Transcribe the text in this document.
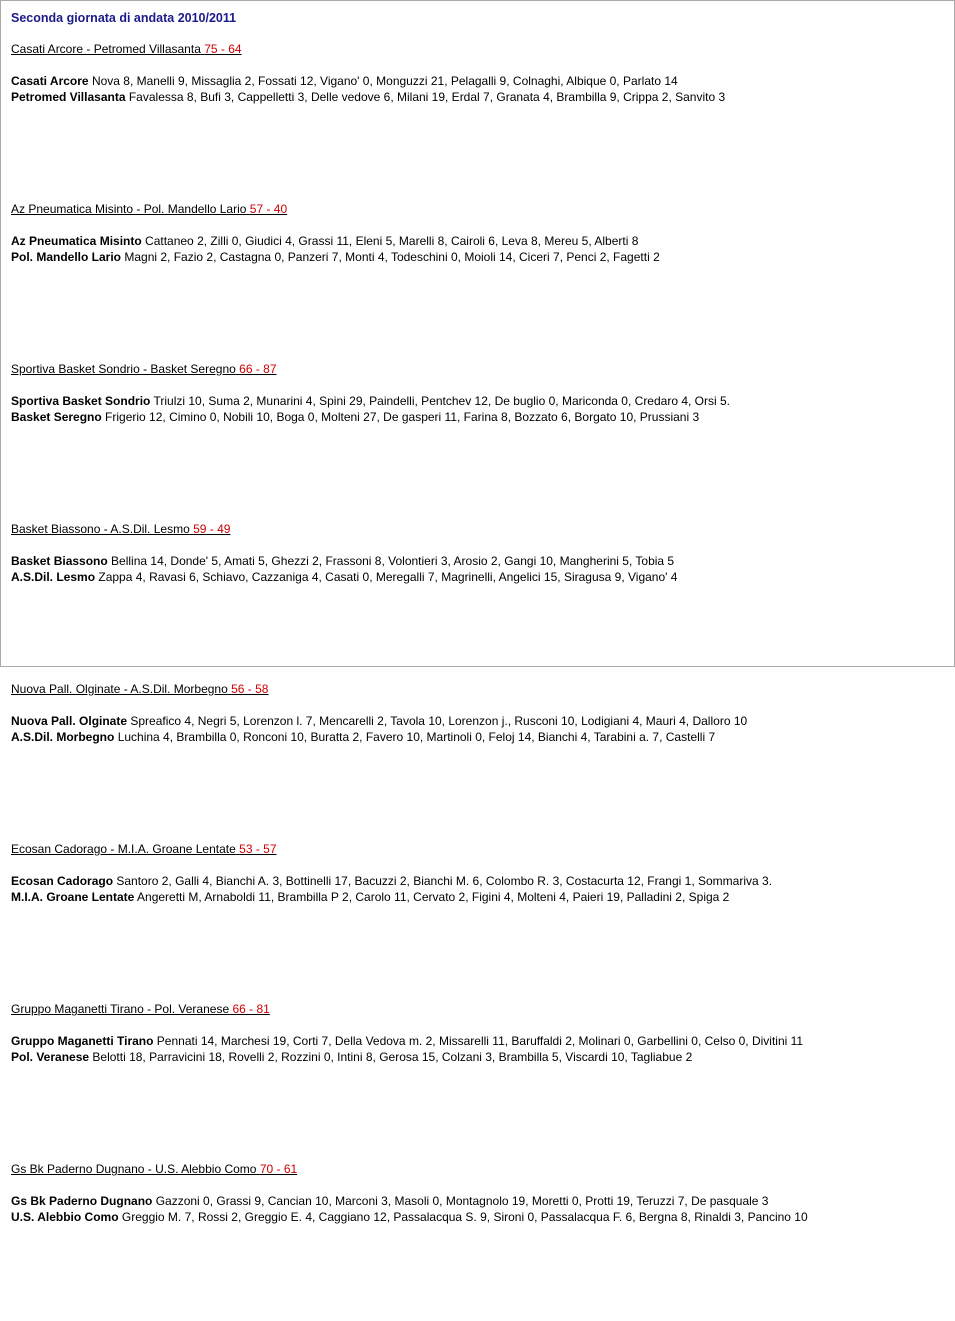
Seconda giornata di andata 2010/2011
Casati Arcore - Petromed Villasanta 75 - 64
Casati Arcore Nova 8, Manelli 9, Missaglia 2, Fossati 12, Vigano' 0, Monguzzi 21, Pelagalli 9, Colnaghi, Albique 0, Parlato 14
Petromed Villasanta Favalessa 8, Bufi 3, Cappelletti 3, Delle vedove 6, Milani 19, Erdal 7, Granata 4, Brambilla 9, Crippa 2, Sanvito 3
Az Pneumatica Misinto - Pol. Mandello Lario 57 - 40
Az Pneumatica Misinto Cattaneo 2, Zilli 0, Giudici 4, Grassi 11, Eleni 5, Marelli 8, Cairoli 6, Leva 8, Mereu 5, Alberti 8
Pol. Mandello Lario Magni 2, Fazio 2, Castagna 0, Panzeri 7, Monti 4, Todeschini 0, Moioli 14, Ciceri 7, Penci 2, Fagetti 2
Sportiva Basket Sondrio - Basket Seregno 66 - 87
Sportiva Basket Sondrio Triulzi 10, Suma 2, Munarini 4, Spini 29, Paindelli, Pentchev 12, De buglio 0, Mariconda 0, Credaro 4, Orsi 5.
Basket Seregno Frigerio 12, Cimino 0, Nobili 10, Boga 0, Molteni 27, De gasperi 11, Farina 8, Bozzato 6, Borgato 10, Prussiani 3
Basket Biassono - A.S.Dil. Lesmo 59 - 49
Basket Biassono Bellina 14, Donde' 5, Amati 5, Ghezzi 2, Frassoni 8, Volontieri 3, Arosio 2, Gangi 10, Mangherini 5, Tobia 5
A.S.Dil. Lesmo Zappa 4, Ravasi 6, Schiavo, Cazzaniga 4, Casati 0, Meregalli 7, Magrinelli, Angelici 15, Siragusa 9, Vigano' 4
Nuova Pall. Olginate - A.S.Dil. Morbegno 56 - 58
Nuova Pall. Olginate Spreafico 4, Negri 5, Lorenzon l. 7, Mencarelli 2, Tavola 10, Lorenzon j., Rusconi 10, Lodigiani 4, Mauri 4, Dalloro 10
A.S.Dil. Morbegno Luchina 4, Brambilla 0, Ronconi 10, Buratta 2, Favero 10, Martinoli 0, Feloj 14, Bianchi 4, Tarabini a. 7, Castelli 7
Ecosan Cadorago - M.I.A. Groane Lentate 53 - 57
Ecosan Cadorago Santoro 2, Galli 4, Bianchi A. 3, Bottinelli 17, Bacuzzi 2, Bianchi M. 6, Colombo R. 3, Costacurta 12, Frangi 1, Sommariva 3.
M.I.A. Groane Lentate Angeretti M, Arnaboldi 11, Brambilla P 2, Carolo 11, Cervato 2, Figini 4, Molteni 4, Paieri 19, Palladini 2, Spiga 2
Gruppo Maganetti Tirano - Pol. Veranese 66 - 81
Gruppo Maganetti Tirano Pennati 14, Marchesi 19, Corti 7, Della Vedova m. 2, Missarelli 11, Baruffaldi 2, Molinari 0, Garbellini 0, Celso 0, Divitini 11
Pol. Veranese Belotti 18, Parravicini 18, Rovelli 2, Rozzini 0, Intini 8, Gerosa 15, Colzani 3, Brambilla 5, Viscardi 10, Tagliabue 2
Gs Bk Paderno Dugnano - U.S. Alebbio Como 70 - 61
Gs Bk Paderno Dugnano Gazzoni 0, Grassi 9, Cancian 10, Marconi 3, Masoli 0, Montagnolo 19, Moretti 0, Protti 19, Teruzzi 7, De pasquale 3
U.S. Alebbio Como Greggio M. 7, Rossi 2, Greggio E. 4, Caggiano 12, Passalacqua S. 9, Sironi 0, Passalacqua F. 6, Bergna 8, Rinaldi 3, Pancino 10
